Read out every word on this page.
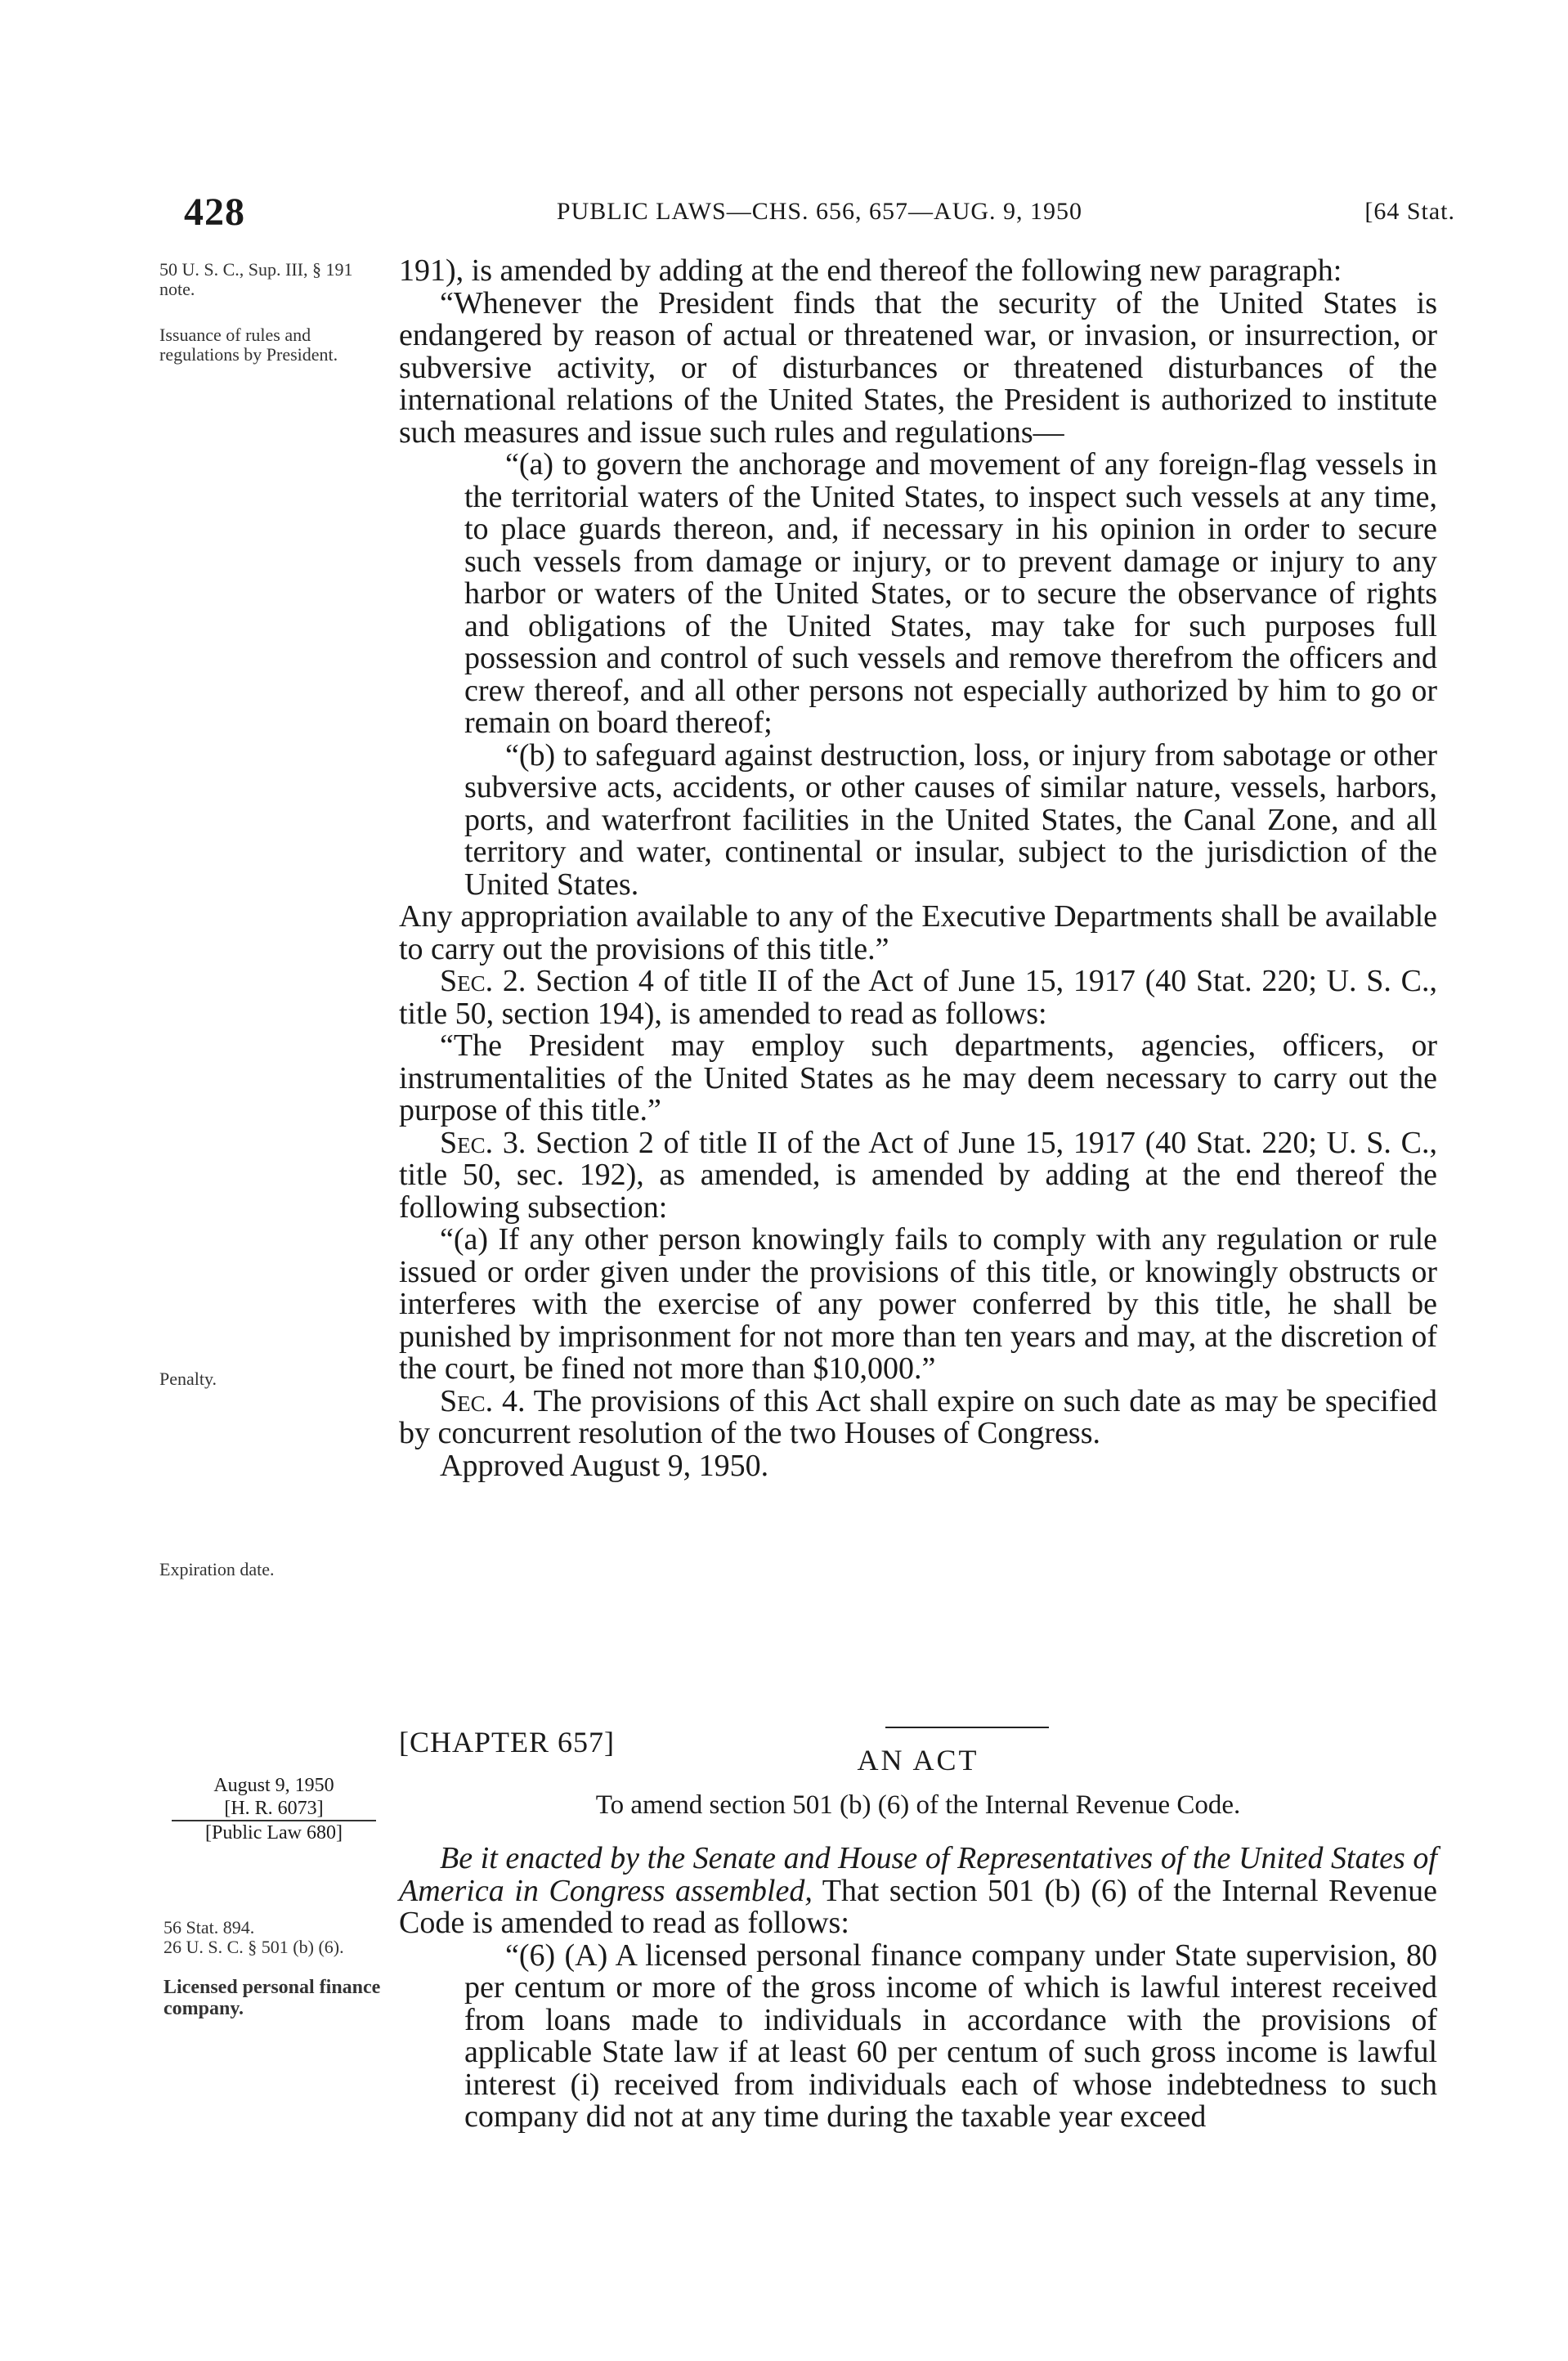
428	PUBLIC LAWS—CHS. 656, 657—AUG. 9, 1950	[64 Stat.
50 U. S. C., Sup. III, § 191 note.
Issuance of rules and regulations by President.
Penalty.
Expiration date.

191), is amended by adding at the end thereof the following new paragraph:

“Whenever the President finds that the security of the United States is endangered by reason of actual or threatened war, or invasion, or insurrection, or subversive activity, or of disturbances or threatened disturbances of the international relations of the United States, the President is authorized to institute such measures and issue such rules and regulations—

“(a) to govern the anchorage and movement of any foreign-flag vessels in the territorial waters of the United States, to inspect such vessels at any time, to place guards thereon, and, if necessary in his opinion in order to secure such vessels from damage or injury, or to prevent damage or injury to any harbor or waters of the United States, or to secure the observance of rights and obligations of the United States, may take for such purposes full possession and control of such vessels and remove therefrom the officers and crew thereof, and all other persons not especially authorized by him to go or remain on board thereof;

“(b) to safeguard against destruction, loss, or injury from sabotage or other subversive acts, accidents, or other causes of similar nature, vessels, harbors, ports, and waterfront facilities in the United States, the Canal Zone, and all territory and water, continental or insular, subject to the jurisdiction of the United States.

Any appropriation available to any of the Executive Departments shall be available to carry out the provisions of this title.”

Sec. 2. Section 4 of title II of the Act of June 15, 1917 (40 Stat. 220; U. S. C., title 50, section 194), is amended to read as follows:

“The President may employ such departments, agencies, officers, or instrumentalities of the United States as he may deem necessary to carry out the purpose of this title.”

Sec. 3. Section 2 of title II of the Act of June 15, 1917 (40 Stat. 220; U. S. C., title 50, sec. 192), as amended, is amended by adding at the end thereof the following subsection:

“(a) If any other person knowingly fails to comply with any regulation or rule issued or order given under the provisions of this title, or knowingly obstructs or interferes with the exercise of any power conferred by this title, he shall be punished by imprisonment for not more than ten years and may, at the discretion of the court, be fined not more than $10,000.”

Sec. 4. The provisions of this Act shall expire on such date as may be specified by concurrent resolution of the two Houses of Congress.

Approved August 9, 1950.

[CHAPTER 657]
AN ACT
To amend section 501 (b) (6) of the Internal Revenue Code.
August 9, 1950
[H. R. 6073]
[Public Law 680]
56 Stat. 894.
26 U. S. C. § 501 (b) (6).
Licensed personal finance company.

Be it enacted by the Senate and House of Representatives of the United States of America in Congress assembled, That section 501 (b) (6) of the Internal Revenue Code is amended to read as follows:

“(6) (A) A licensed personal finance company under State supervision, 80 per centum or more of the gross income of which is lawful interest received from loans made to individuals in accordance with the provisions of applicable State law if at least 60 per centum of such gross income is lawful interest (i) received from individuals each of whose indebtedness to such company did not at any time during the taxable year exceed
